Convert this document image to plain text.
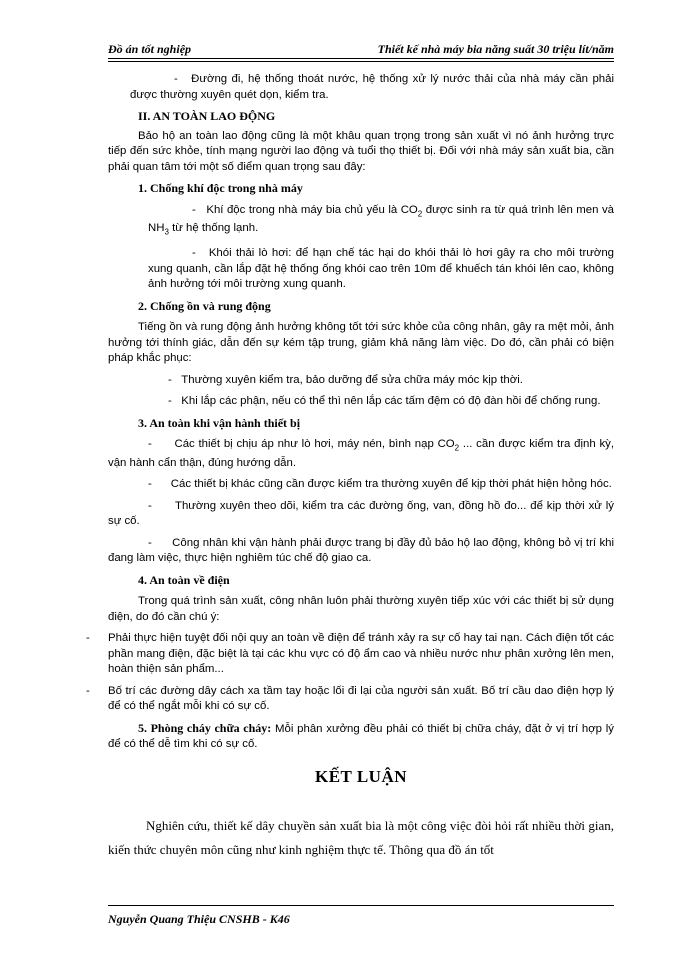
Đồ án tốt nghiệp	Thiết kế nhà máy bia năng suất 30 triệu lít/năm

- Đường đi, hệ thống thoát nước, hệ thống xử lý nước thải của nhà máy cần phải được thường xuyên quét dọn, kiểm tra.

II. AN TOÀN LAO ĐỘNG

Bảo hộ an toàn lao động cũng là một khâu quan trọng trong sản xuất vì nó ảnh hưởng trực tiếp đến sức khỏe, tính mạng người lao động và tuổi thọ thiết bị. Đối với nhà máy sản xuất bia, cần phải quan tâm tới một số điểm quan trọng sau đây:

1. Chống khí độc trong nhà máy

- Khí độc trong nhà máy bia chủ yếu là $CO_2$ được sinh ra từ quá trình lên men và $NH_3$ từ hệ thống lạnh.

- Khói thải lò hơi: để hạn chế tác hại do khói thải lò hơi gây ra cho môi trường xung quanh, cần lắp đặt hệ thống ống khói cao trên 10m để khuếch tán khói lên cao, không ảnh hưởng tới môi trường xung quanh.

2. Chống ồn và rung động

Tiếng ồn và rung động ảnh hưởng không tốt tới sức khỏe của công nhân, gây ra mệt mỏi, ảnh hưởng tới thính giác, dẫn đến sự kém tập trung, giảm khả năng làm việc. Do đó, cần phải có biện pháp khắc phục:

- Thường xuyên kiểm tra, bảo dưỡng để sửa chữa máy móc kịp thời.

- Khi lắp các phận, nếu có thể thì nên lắp các tấm đệm có độ đàn hồi để chống rung.

3. An toàn khi vận hành thiết bị

- Các thiết bị chịu áp như lò hơi, máy nén, bình nạp $CO_2$ ... cần được kiểm tra định kỳ, vận hành cẩn thận, đúng hướng dẫn.

- Các thiết bị khác cũng cần được kiểm tra thường xuyên để kịp thời phát hiện hỏng hóc.

- Thường xuyên theo dõi, kiểm tra các đường ống, van, đồng hồ đo... để kịp thời xử lý sự cố.

- Công nhân khi vận hành phải được trang bị đầy đủ bảo hộ lao động, không bỏ vị trí khi đang làm việc, thực hiện nghiêm túc chế độ giao ca.

4. An toàn về điện

Trong quá trình sản xuất, công nhân luôn phải thường xuyên tiếp xúc với các thiết bị sử dụng điện, do đó cần chú ý:

- Phải thực hiện tuyệt đối nội quy an toàn về điện để tránh xảy ra sự cố hay tai nạn. Cách điện tốt các phần mang điện, đặc biệt là tại các khu vực có độ ẩm cao và nhiều nước như phân xưởng lên men, hoàn thiện sản phẩm...
- Bố trí các đường dây cách xa tầm tay hoặc lối đi lại của người sản xuất. Bố trí cầu dao điện hợp lý để có thể ngắt mỗi khi có sự cố.

5. Phòng cháy chữa cháy: Mỗi phân xưởng đều phải có thiết bị chữa cháy, đặt ở vị trí hợp lý để có thể dễ tìm khi có sự cố.

KẾT LUẬN

Nghiên cứu, thiết kế dây chuyền sản xuất bia là một công việc đòi hỏi rất nhiều thời gian, kiến thức chuyên môn cũng như kinh nghiệm thực tế. Thông qua đồ án tốt

Nguyễn Quang Thiệu CNSHB - K46
